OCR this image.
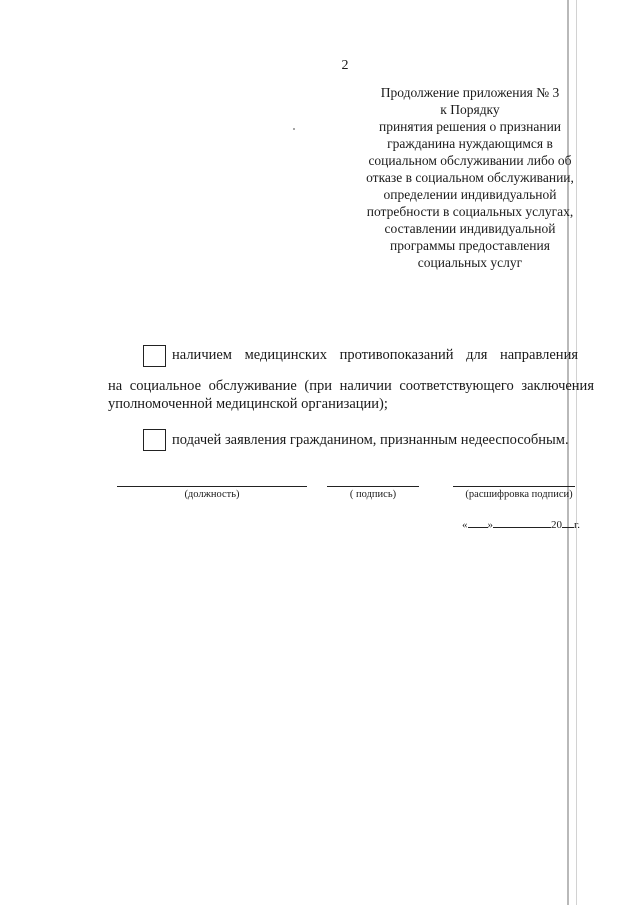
2
Продолжение приложения № 3
к Порядку
принятия решения о признании
гражданина нуждающимся в
социальном обслуживании либо об
отказе в социальном обслуживании,
определении индивидуальной
потребности в социальных услугах,
составлении индивидуальной
программы предоставления
социальных услуг
наличием медицинских противопоказаний для направления
на социальное обслуживание (при наличии соответствующего заключения
уполномоченной медицинской организации);
подачей заявления гражданином, признанным недееспособным.
(должность)	( подпись)	(расшифровка подписи)
« »	20 г.
